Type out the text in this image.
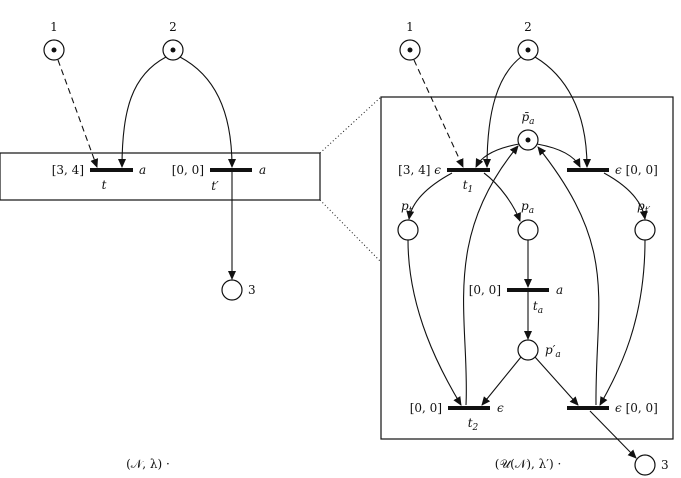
1	2
3
[3, 4]	a
t
[0, 0]	a
t′
(𝒩, λ) ·
1	2
$p̄_a$
$p_t$	$p_a$	$p_{t'}$
$p'_a$
3
[3, 4] ϵ
$t_1$
ϵ [0, 0]
[0, 0]	a
$t_a$
[0, 0]	ϵ
$t_2$
ϵ [0, 0]
(𝒰(𝒩), λ′) ·
